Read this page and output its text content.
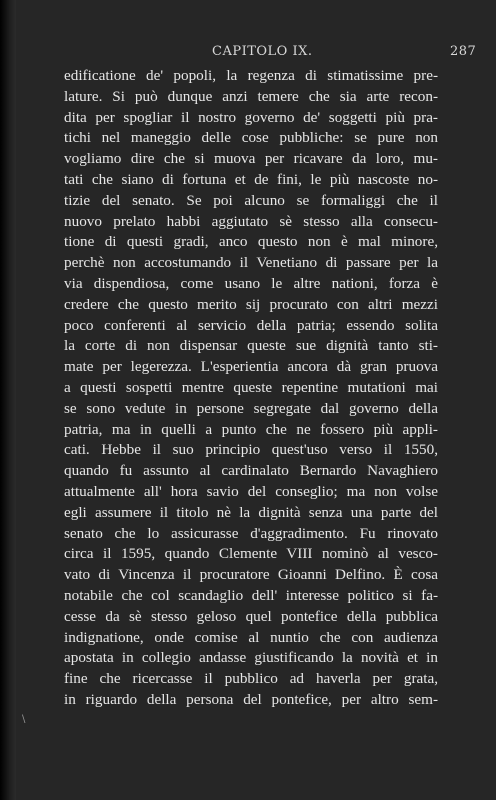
CAPITOLO IX.	287
edificatione de' popoli, la regenza di stimatissime pre-
lature. Si può dunque anzi temere che sia arte recon-
dita per spogliar il nostro governo de' soggetti più pra-
tichi nel maneggio delle cose pubbliche: se pure non
vogliamo dire che si muova per ricavare da loro, mu-
tati che siano di fortuna et de fini, le più nascoste no-
tizie del senato. Se poi alcuno se formaliggi che il
nuovo prelato habbi aggiutato sè stesso alla consecu-
tione di questi gradi, anco questo non è mal minore,
perchè non accostumando il Venetiano di passare per la
via dispendiosa, come usano le altre nationi, forza è
credere che questo merito sij procurato con altri mezzi
poco conferenti al servicio della patria; essendo solita
la corte di non dispensar queste sue dignità tanto sti-
mate per legerezza. L'esperientia ancora dà gran pruova
a questi sospetti mentre queste repentine mutationi mai
se sono vedute in persone segregate dal governo della
patria, ma in quelli a punto che ne fossero più appli-
cati. Hebbe il suo principio quest'uso verso il 1550,
quando fu assunto al cardinalato Bernardo Navaghiero
attualmente all' hora savio del conseglio; ma non volse
egli assumere il titolo nè la dignità senza una parte del
senato che lo assicurasse d'aggradimento. Fu rinovato
circa il 1595, quando Clemente VIII nominò al vesco-
vato di Vincenza il procuratore Gioanni Delfino. È cosa
notabile che col scandaglio dell' interesse politico si fa-
cesse da sè stesso geloso quel pontefice della pubblica
indignatione, onde comise al nuntio che con audienza
apostata in collegio andasse giustificando la novità et in
fine che ricercasse il pubblico ad haverla per grata,
in riguardo della persona del pontefice, per altro sem-
\
